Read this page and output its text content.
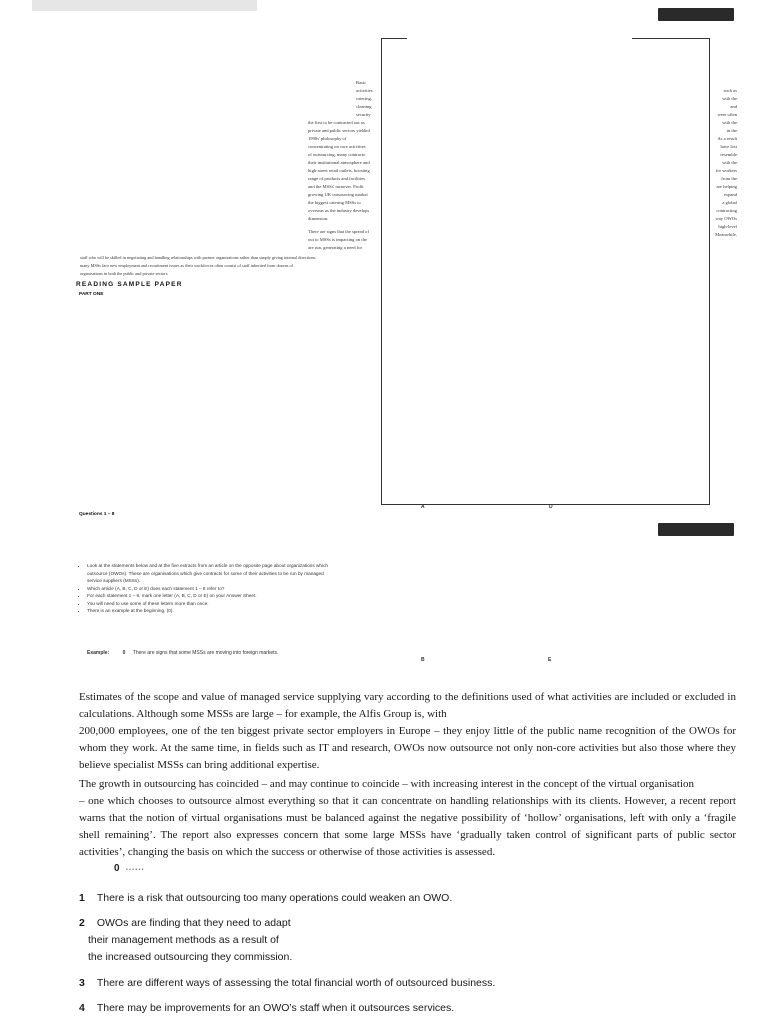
A	D
B	E
Basic
activities
catering,
cleaning
security
the first to be contracted out as
private and public sectors yielded
1990s' philosophy of
concentrating on core activities
of outsourcing, many contracto
their institutional atmosphere and
high-street retail outlets, boosting
range of products and facilities
and the MSSs' turnover. Profit
growing UK outsourcing market
the biggest catering MSSs to
overseas as the industry develops
dimension.
There are signs that the spread of
out to MSSs is impacting on the
are run, generating a need for
staff who will be skilled in negotiating and handling relationships with partner organisations rather than simply giving internal directions.
many MSSs face new employment and recruitment issues as their workforces often consist of staff inherited from dozens of
organisations in both the public and private sectors.
such as
with the
and
were often
with the
in the
As a result
have lost
resemble
with the
for workers
from the
are helping
expand
a global
contracting
way OWOs
high-level
Meanwhile,
READING SAMPLE PAPER
PART ONE
Questions 1 – 8
• Look at the statements below and at the five extracts from an article on the opposite page about organizations which outsource (OWOs). These are organisations which give contracts for some of their activities to be run by managed service suppliers (MSSs).
• Which article (A, B, C, D or E) does each statement 1 – 8 refer to?
• For each statement 1 – 8, mark one letter (A, B, C, D or E) on your Answer Sheet.
• You will need to use some of these letters more than once.
• There is an example at the beginning, (0).
Example:	0 There are signs that some MSSs are moving into foreign markets.
Estimates of the scope and value of managed service supplying vary according to the definitions used of what activities are included or excluded in calculations. Although some MSSs are large – for example, the Alfis Group is, with
200,000 employees, one of the ten biggest private sector employers in Europe – they enjoy little of the public name recognition of the OWOs for whom they work. At the same time, in fields such as IT and research, OWOs now outsource not only non-core activities but also those where they believe specialist MSSs can bring additional expertise.
The growth in outsourcing has coincided – and may continue to coincide – with increasing interest in the concept of the virtual organisation
– one which chooses to outsource almost everything so that it can concentrate on handling relationships with its clients. However, a recent report warns that the notion of virtual organisations must be balanced against the negative possibility of ‘hollow’ organisations, left with only a ‘fragile shell remaining’. The report also expresses concern that some large MSSs have ‘gradually taken control of significant parts of public sector activities’, changing the basis on which the success or otherwise of those activities is assessed.
0 • • • • • •
1 There is a risk that outsourcing too many operations could weaken an OWO.
2 OWOs are finding that they need to adapt
their management methods as a result of
the increased outsourcing they commission.
3 There are different ways of assessing the total financial worth of outsourced business.
4 There may be improvements for an OWO’s staff when it outsources services.
